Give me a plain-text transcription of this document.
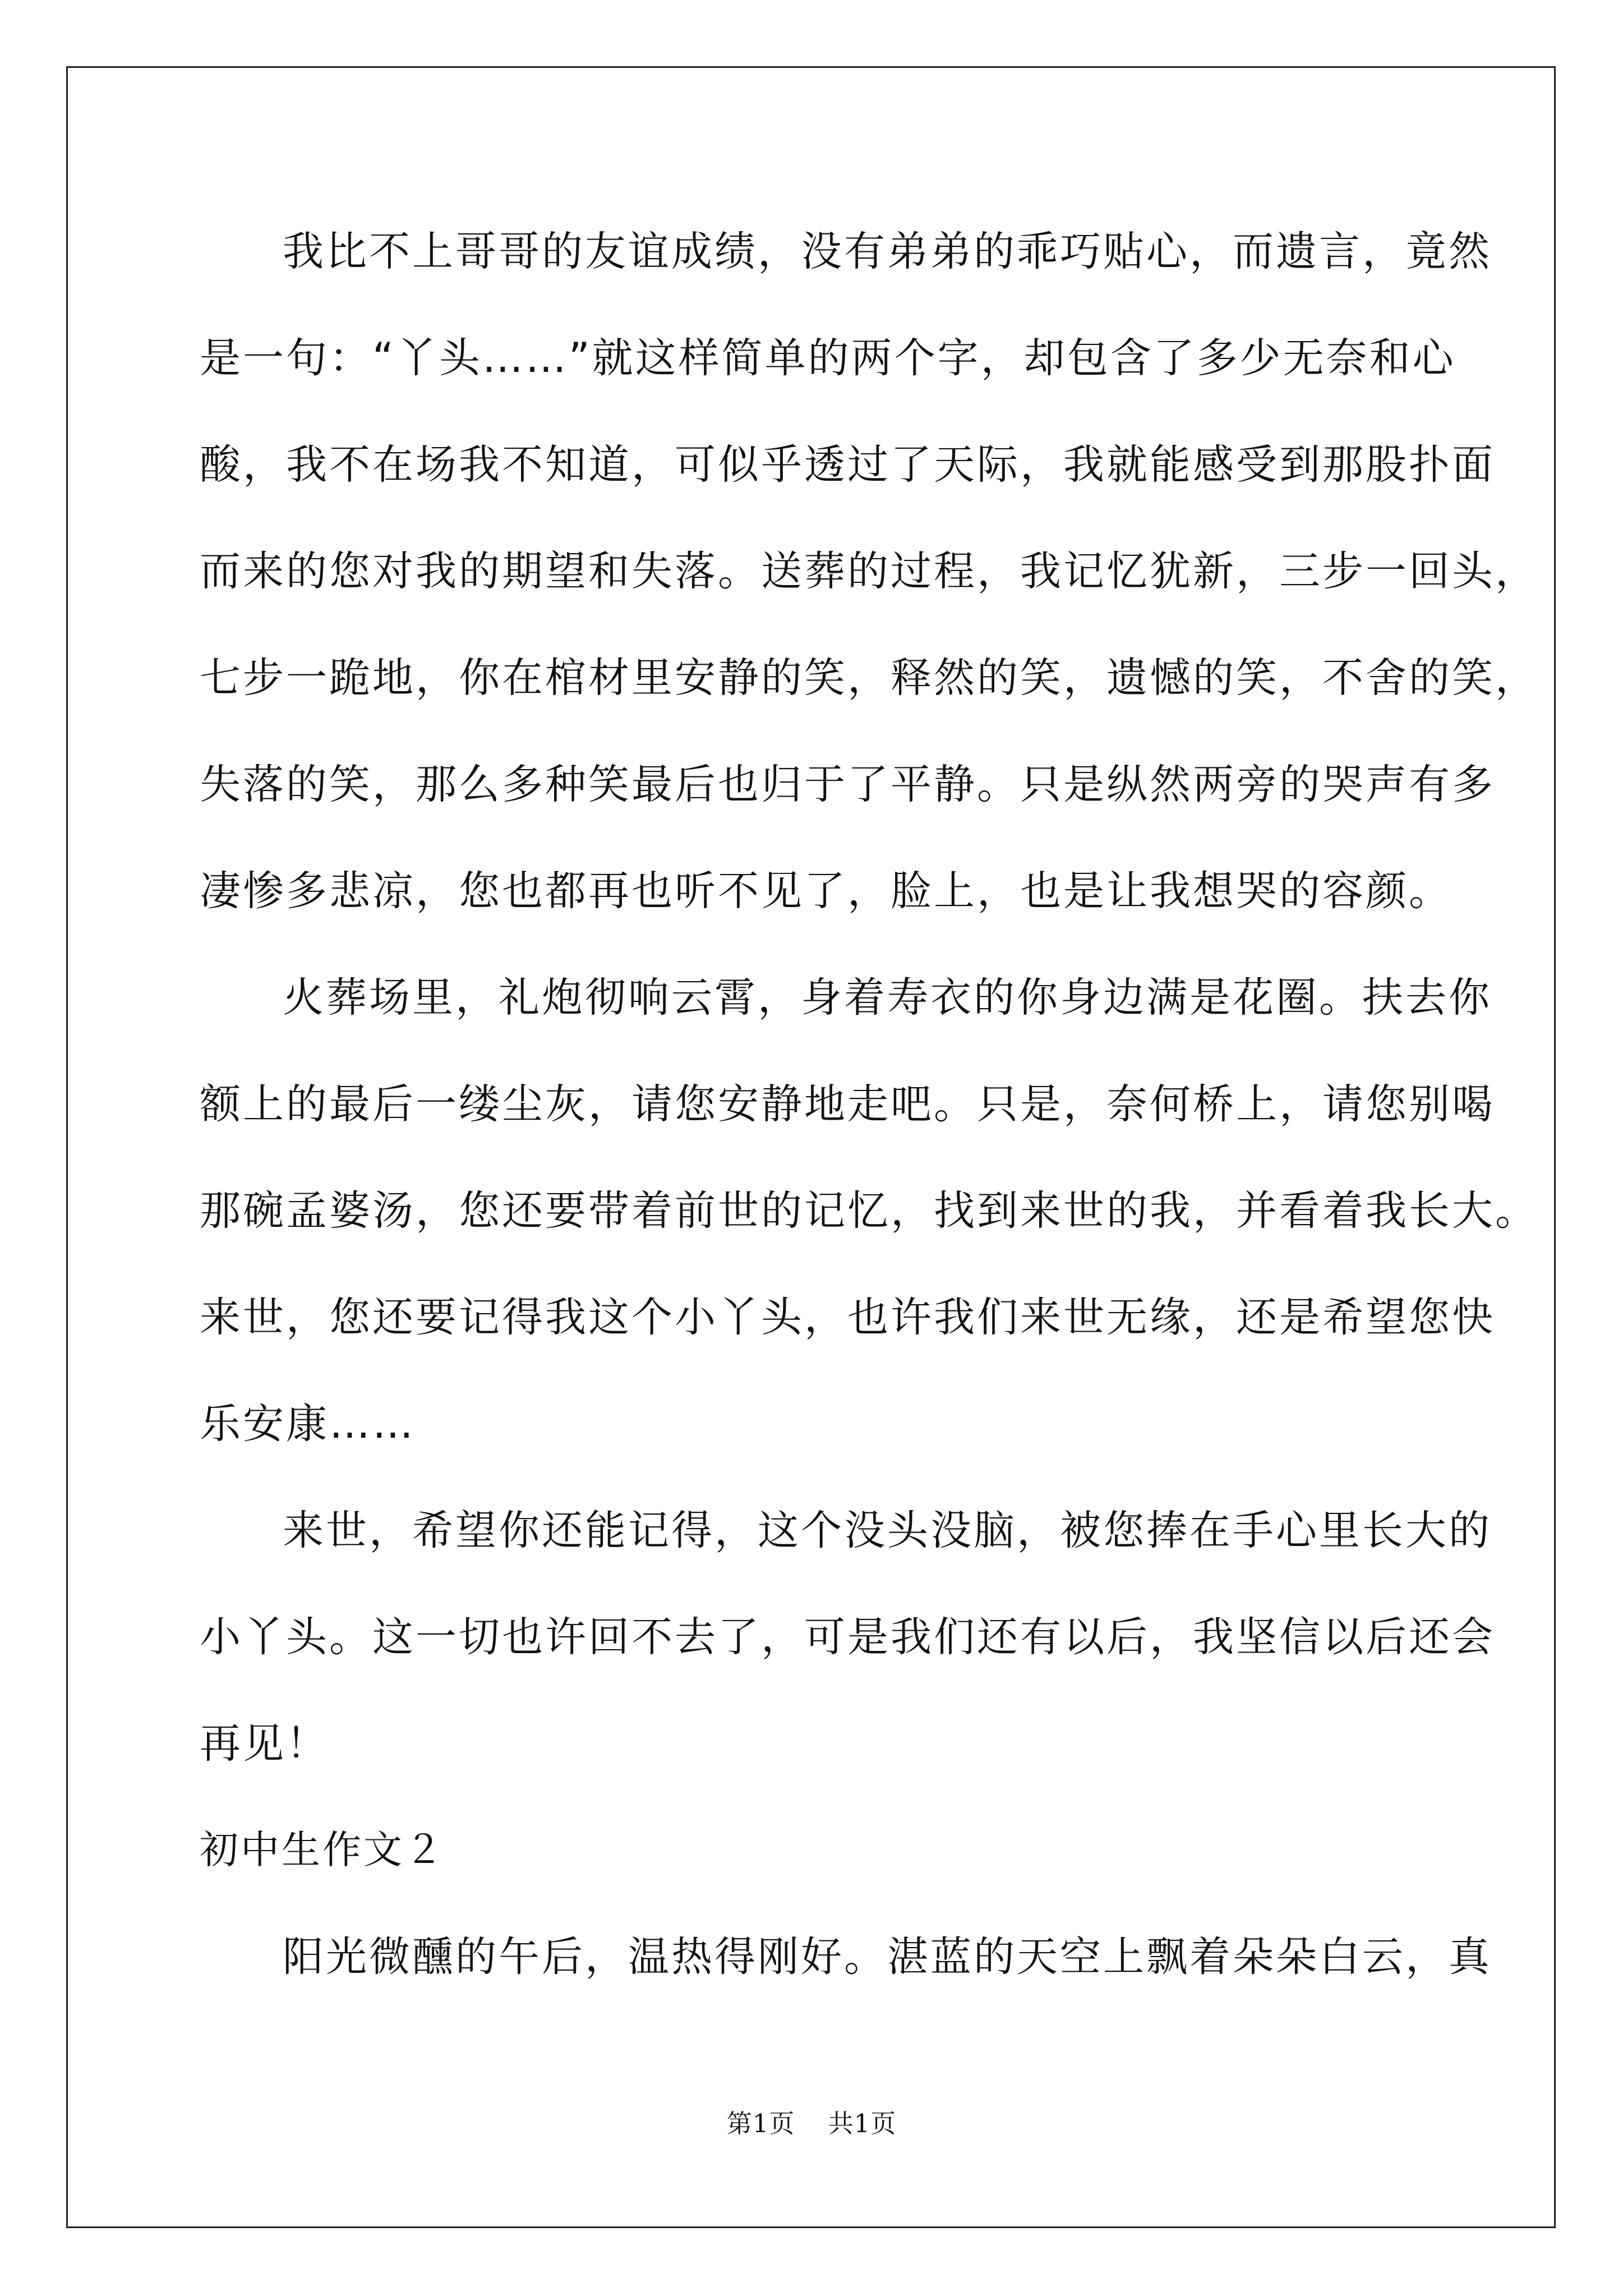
我比不上哥哥的友谊成绩，没有弟弟的乖巧贴心，而遗言，竟然

是一句：“丫头……”就这样简单的两个字，却包含了多少无奈和心

酸，我不在场我不知道，可似乎透过了天际，我就能感受到那股扑面

而来的您对我的期望和失落。送葬的过程，我记忆犹新，三步一回头，

七步一跪地，你在棺材里安静的笑，释然的笑，遗憾的笑，不舍的笑，

失落的笑，那么多种笑最后也归于了平静。只是纵然两旁的哭声有多

凄惨多悲凉，您也都再也听不见了，脸上，也是让我想哭的容颜。

火葬场里，礼炮彻响云霄，身着寿衣的你身边满是花圈。扶去你

额上的最后一缕尘灰，请您安静地走吧。只是，奈何桥上，请您别喝

那碗孟婆汤，您还要带着前世的记忆，找到来世的我，并看着我长大。

来世，您还要记得我这个小丫头，也许我们来世无缘，还是希望您快

乐安康……

来世，希望你还能记得，这个没头没脑，被您捧在手心里长大的

小丫头。这一切也许回不去了，可是我们还有以后，我坚信以后还会

再见！

初中生作文２

阳光微醺的午后，温热得刚好。湛蓝的天空上飘着朵朵白云，真

第1页 共1页
